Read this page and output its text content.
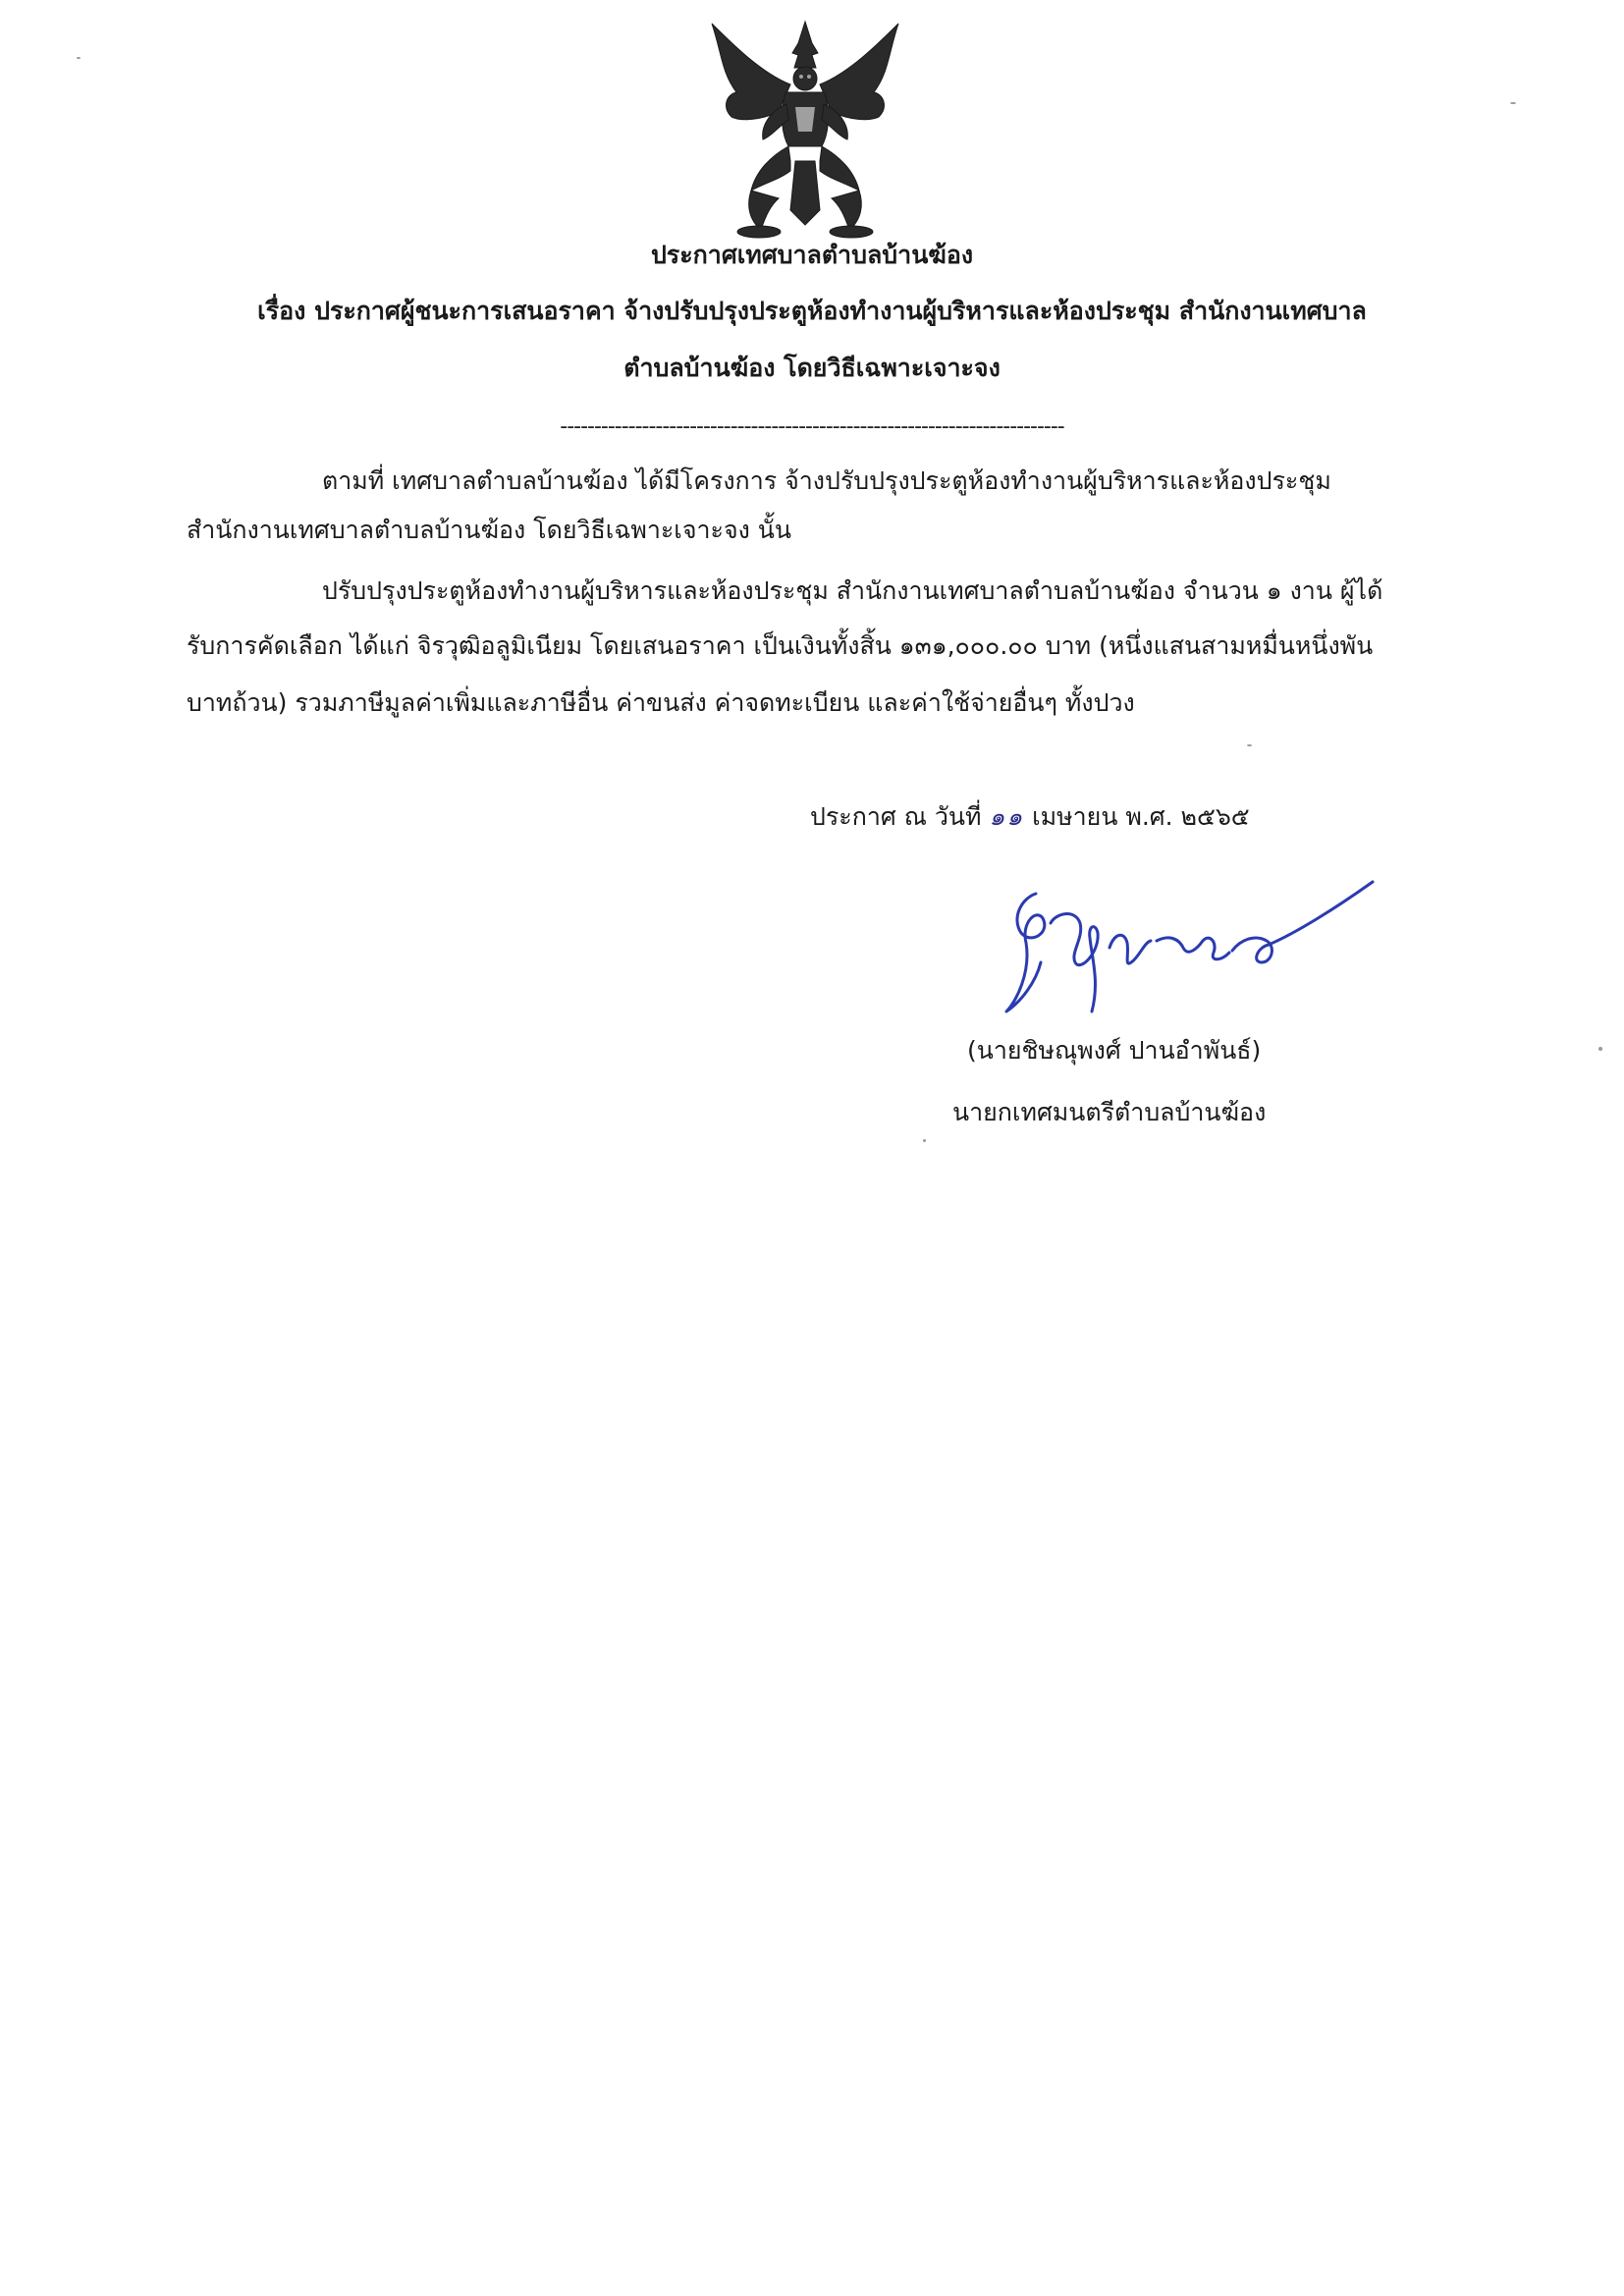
ประกาศเทศบาลตำบลบ้านฆ้อง
เรื่อง ประกาศผู้ชนะการเสนอราคา จ้างปรับปรุงประตูห้องทำงานผู้บริหารและห้องประชุม สำนักงานเทศบาล
ตำบลบ้านฆ้อง โดยวิธีเฉพาะเจาะจง
--------------------------------------------------------------------------
ตามที่ เทศบาลตำบลบ้านฆ้อง ได้มีโครงการ จ้างปรับปรุงประตูห้องทำงานผู้บริหารและห้องประชุม
สำนักงานเทศบาลตำบลบ้านฆ้อง โดยวิธีเฉพาะเจาะจง นั้น
ปรับปรุงประตูห้องทำงานผู้บริหารและห้องประชุม สำนักงานเทศบาลตำบลบ้านฆ้อง จำนวน ๑ งาน ผู้ได้
รับการคัดเลือก ได้แก่ จิรวุฒิอลูมิเนียม โดยเสนอราคา เป็นเงินทั้งสิ้น ๑๓๑,๐๐๐.๐๐ บาท (หนึ่งแสนสามหมื่นหนึ่งพัน
บาทถ้วน) รวมภาษีมูลค่าเพิ่มและภาษีอื่น ค่าขนส่ง ค่าจดทะเบียน และค่าใช้จ่ายอื่นๆ ทั้งปวง
ประกาศ ณ วันที่ ๑๑ เมษายน พ.ศ. ๒๕๖๕
(นายชิษณุพงศ์ ปานอำพันธ์)
นายกเทศมนตรีตำบลบ้านฆ้อง
